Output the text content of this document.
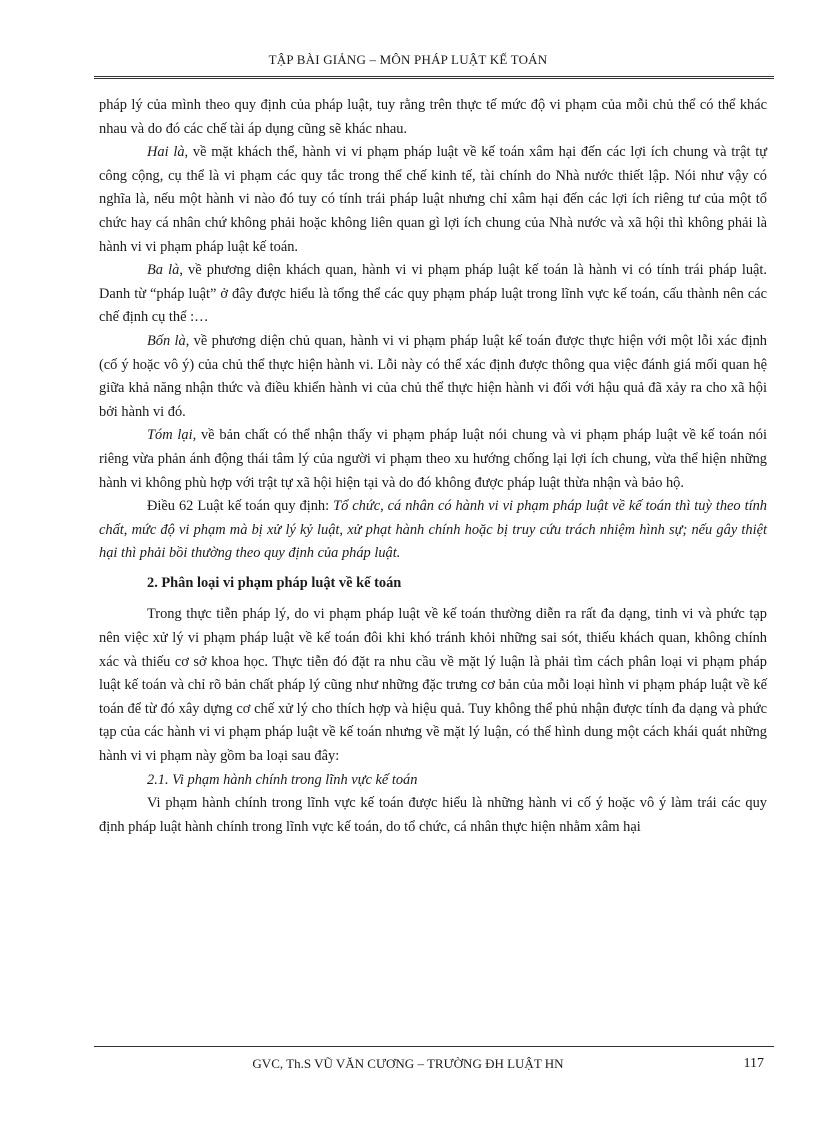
TẬP BÀI GIẢNG – MÔN PHÁP LUẬT KẾ TOÁN

pháp lý của mình theo quy định của pháp luật, tuy rằng trên thực tế mức độ vi phạm của mỗi chủ thể có thể khác nhau và do đó các chế tài áp dụng cũng sẽ khác nhau.

Hai là, về mặt khách thể, hành vi vi phạm pháp luật về kế toán xâm hại đến các lợi ích chung và trật tự công cộng, cụ thể là vi phạm các quy tắc trong thể chế kinh tế, tài chính do Nhà nước thiết lập. Nói như vậy có nghĩa là, nếu một hành vi nào đó tuy có tính trái pháp luật nhưng chỉ xâm hại đến các lợi ích riêng tư của một tổ chức hay cá nhân chứ không phải hoặc không liên quan gì lợi ích chung của Nhà nước và xã hội thì không phải là hành vi vi phạm pháp luật kế toán.

Ba là, về phương diện khách quan, hành vi vi phạm pháp luật kế toán là hành vi có tính trái pháp luật. Danh từ “pháp luật” ở đây được hiểu là tổng thể các quy phạm pháp luật trong lĩnh vực kế toán, cấu thành nên các chế định cụ thể :…

Bốn là, về phương diện chủ quan, hành vi vi phạm pháp luật kế toán được thực hiện với một lỗi xác định (cố ý hoặc vô ý) của chủ thể thực hiện hành vi. Lỗi này có thể xác định được thông qua việc đánh giá mối quan hệ giữa khả năng nhận thức và điều khiển hành vi của chủ thể thực hiện hành vi đối với hậu quả đã xảy ra cho xã hội bởi hành vi đó.

Tóm lại, về bản chất có thể nhận thấy vi phạm pháp luật nói chung và vi phạm pháp luật về kế toán nói riêng vừa phản ánh động thái tâm lý của người vi phạm theo xu hướng chống lại lợi ích chung, vừa thể hiện những hành vi không phù hợp với trật tự xã hội hiện tại và do đó không được pháp luật thừa nhận và bảo hộ.

Điều 62 Luật kế toán quy định: Tổ chức, cá nhân có hành vi vi phạm pháp luật về kế toán thì tuỳ theo tính chất, mức độ vi phạm mà bị xử lý kỷ luật, xử phạt hành chính hoặc bị truy cứu trách nhiệm hình sự; nếu gây thiệt hại thì phải bồi thường theo quy định của pháp luật.

2. Phân loại vi phạm pháp luật về kế toán

Trong thực tiễn pháp lý, do vi phạm pháp luật về kế toán thường diễn ra rất đa dạng, tinh vi và phức tạp nên việc xử lý vi phạm pháp luật về kế toán đôi khi khó tránh khỏi những sai sót, thiếu khách quan, không chính xác và thiếu cơ sở khoa học. Thực tiễn đó đặt ra nhu cầu về mặt lý luận là phải tìm cách phân loại vi phạm pháp luật kế toán và chỉ rõ bản chất pháp lý cũng như những đặc trưng cơ bản của mỗi loại hình vi phạm pháp luật về kế toán để từ đó xây dựng cơ chế xử lý cho thích hợp và hiệu quả. Tuy không thể phủ nhận được tính đa dạng và phức tạp của các hành vi vi phạm pháp luật về kế toán nhưng về mặt lý luận, có thể hình dung một cách khái quát những hành vi vi phạm này gồm ba loại sau đây:

2.1. Vi phạm hành chính trong lĩnh vực kế toán

Vi phạm hành chính trong lĩnh vực kế toán được hiểu là những hành vi cố ý hoặc vô ý làm trái các quy định pháp luật hành chính trong lĩnh vực kế toán, do tổ chức, cá nhân thực hiện nhằm xâm hại

GVC, Th.S VŨ VĂN CƯƠNG – TRƯỜNG ĐH LUẬT HN	117
